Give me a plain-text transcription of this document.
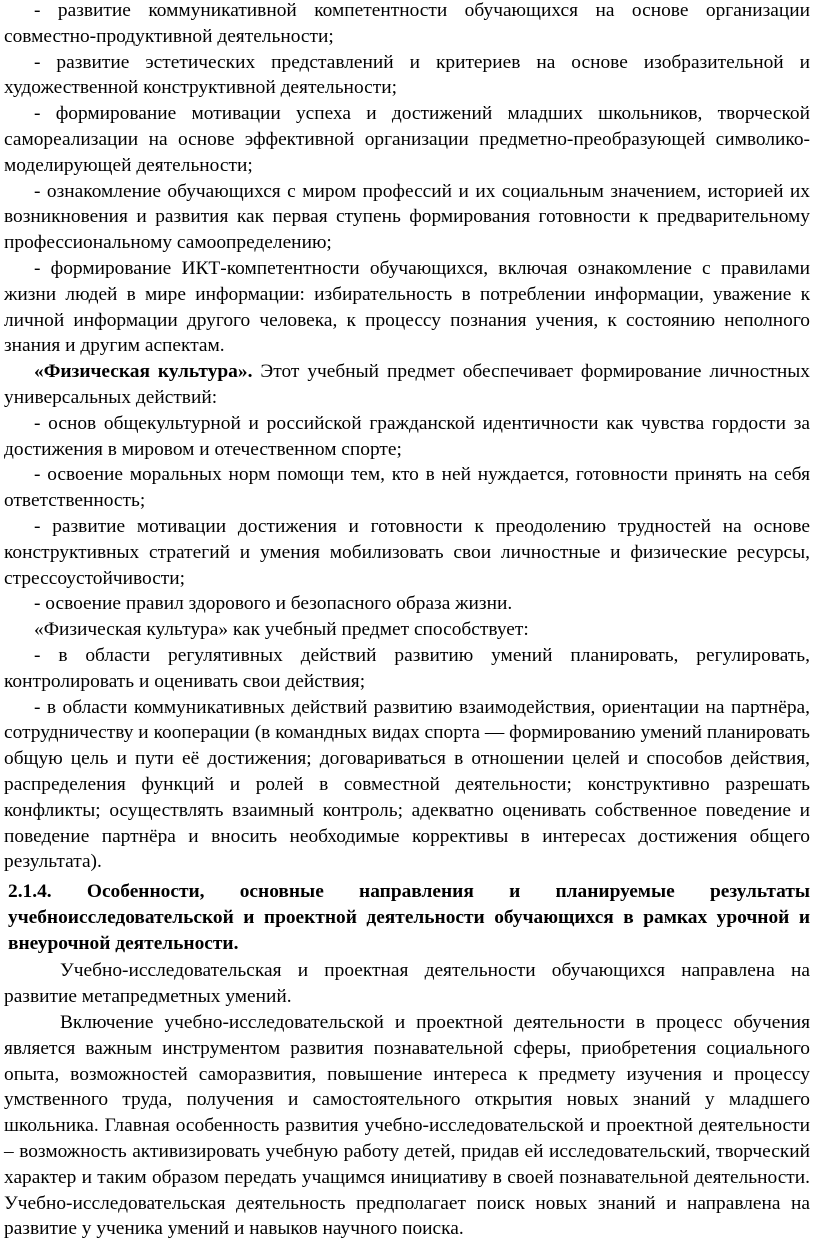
- развитие коммуникативной компетентности обучающихся на основе организации совместно-продуктивной деятельности;

- развитие эстетических представлений и критериев на основе изобразительной и художественной конструктивной деятельности;

- формирование мотивации успеха и достижений младших школьников, творческой самореализации на основе эффективной организации предметно-преобразующей символико-моделирующей деятельности;

- ознакомление обучающихся с миром профессий и их социальным значением, историей их возникновения и развития как первая ступень формирования готовности к предварительному профессиональному самоопределению;

- формирование ИКТ-компетентности обучающихся, включая ознакомление с правилами жизни людей в мире информации: избирательность в потреблении информации, уважение к личной информации другого человека, к процессу познания учения, к состоянию неполного знания и другим аспектам.

«Физическая культура». Этот учебный предмет обеспечивает формирование личностных универсальных действий:

- основ общекультурной и российской гражданской идентичности как чувства гордости за достижения в мировом и отечественном спорте;

- освоение моральных норм помощи тем, кто в ней нуждается, готовности принять на себя ответственность;

- развитие мотивации достижения и готовности к преодолению трудностей на основе конструктивных стратегий и умения мобилизовать свои личностные и физические ресурсы, стрессоустойчивости;

- освоение правил здорового и безопасного образа жизни.

«Физическая культура» как учебный предмет способствует:

- в области регулятивных действий развитию умений планировать, регулировать, контролировать и оценивать свои действия;

- в области коммуникативных действий развитию взаимодействия, ориентации на партнёра, сотрудничеству и кооперации (в командных видах спорта — формированию умений планировать общую цель и пути её достижения; договариваться в отношении целей и способов действия, распределения функций и ролей в совместной деятельности; конструктивно разрешать конфликты; осуществлять взаимный контроль; адекватно оценивать собственное поведение и поведение партнёра и вносить необходимые коррективы в интересах достижения общего результата).

2.1.4. Особенности, основные направления и планируемые результаты учебноисследовательской и проектной деятельности обучающихся в рамках урочной и внеурочной деятельности.

Учебно-исследовательская и проектная деятельности обучающихся направлена на развитие метапредметных умений.

Включение учебно-исследовательской и проектной деятельности в процесс обучения является важным инструментом развития познавательной сферы, приобретения социального опыта, возможностей саморазвития, повышение интереса к предмету изучения и процессу умственного труда, получения и самостоятельного открытия новых знаний у младшего школьника. Главная особенность развития учебно-исследовательской и проектной деятельности – возможность активизировать учебную работу детей, придав ей исследовательский, творческий характер и таким образом передать учащимся инициативу в своей познавательной деятельности. Учебно-исследовательская деятельность предполагает поиск новых знаний и направлена на развитие у ученика умений и навыков научного поиска.
